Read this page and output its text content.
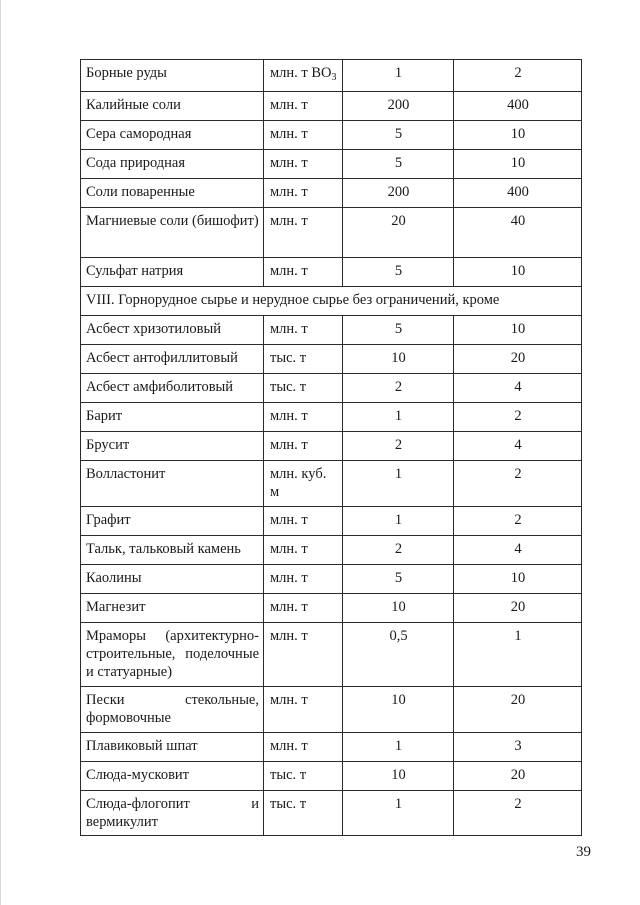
Борные руды	млн. т $BO_3$	1	2
Калийные соли	млн. т	200	400
Сера самородная	млн. т	5	10
Сода природная	млн. т	5	10
Соли поваренные	млн. т	200	400
Магниевые соли (бишофит)	млн. т	20	40
Сульфат натрия	млн. т	5	10
VIII. Горнорудное сырье и нерудное сырье без ограничений, кроме			
Асбест хризотиловый	млн. т	5	10
Асбест антофиллитовый	тыс. т	10	20
Асбест амфиболитовый	тыс. т	2	4
Барит	млн. т	1	2
Брусит	млн. т	2	4
Волластонит	млн. куб. м	1	2
Графит	млн. т	1	2
Тальк, тальковый камень	млн. т	2	4
Каолины	млн. т	5	10
Магнезит	млн. т	10	20
Мраморы (архитектурно-строительные, поделочные и статуарные)	млн. т	0,5	1
Пески стекольные, формовочные	млн. т	10	20
Плавиковый шпат	млн. т	1	3
Слюда-мусковит	тыс. т	10	20
Слюда-флогопит и вермикулит	тыс. т	1	2
39
